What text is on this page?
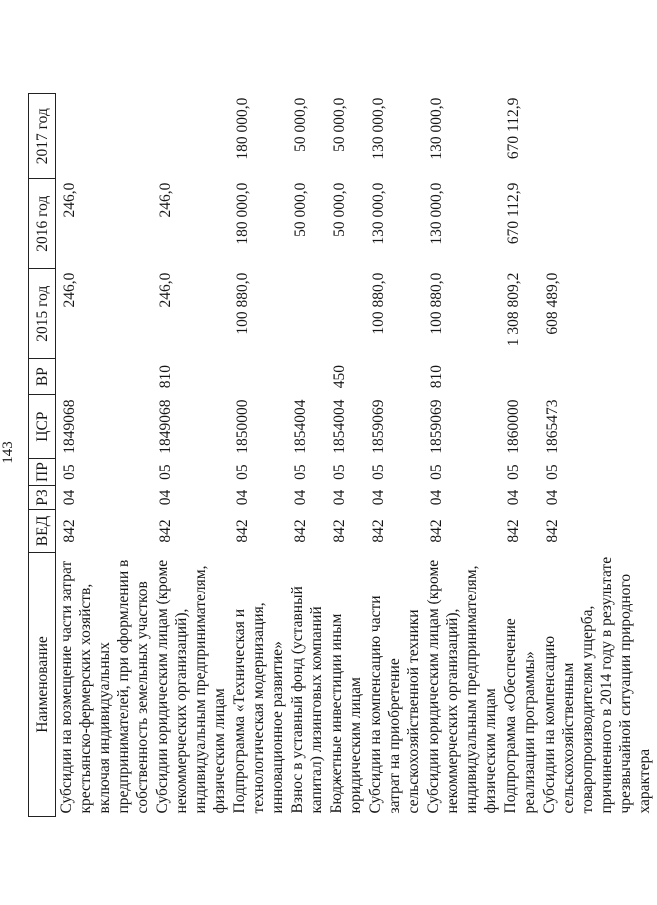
143
Наименование	ВЕД	РЗ	ПР	ЦСР	ВР	2015 год	2016 год	2017 год
Субсидии на возмещение части затрат крестьянско-фермерских хозяйств, включая индивидуальных предпринимателей, при оформлении в собственность земельных участков	842	04	05	1849068		246,0	246,0	
Субсидии юридическим лицам (кроме некоммерческих организаций), индивидуальным предпринимателям, физическим лицам	842	04	05	1849068	810	246,0	246,0	
Подпрограмма «Техническая и технологическая модернизация, инновационное развитие»	842	04	05	1850000		100 880,0	180 000,0	180 000,0
Взнос в уставный фонд (уставный капитал) лизинговых компаний	842	04	05	1854004			50 000,0	50 000,0
Бюджетные инвестиции иным юридическим лицам	842	04	05	1854004	450		50 000,0	50 000,0
Субсидии на компенсацию части затрат на приобретение сельскохозяйственной техники	842	04	05	1859069		100 880,0	130 000,0	130 000,0
Субсидии юридическим лицам (кроме некоммерческих организаций), индивидуальным предпринимателям, физическим лицам	842	04	05	1859069	810	100 880,0	130 000,0	130 000,0
Подпрограмма «Обеспечение реализации программы»	842	04	05	1860000		1 308 809,2	670 112,9	670 112,9
Субсидии на компенсацию сельскохозяйственным товаропроизводителям ущерба, причиненного в 2014 году в результате чрезвычайной ситуации природного характера	842	04	05	1865473		608 489,0		
